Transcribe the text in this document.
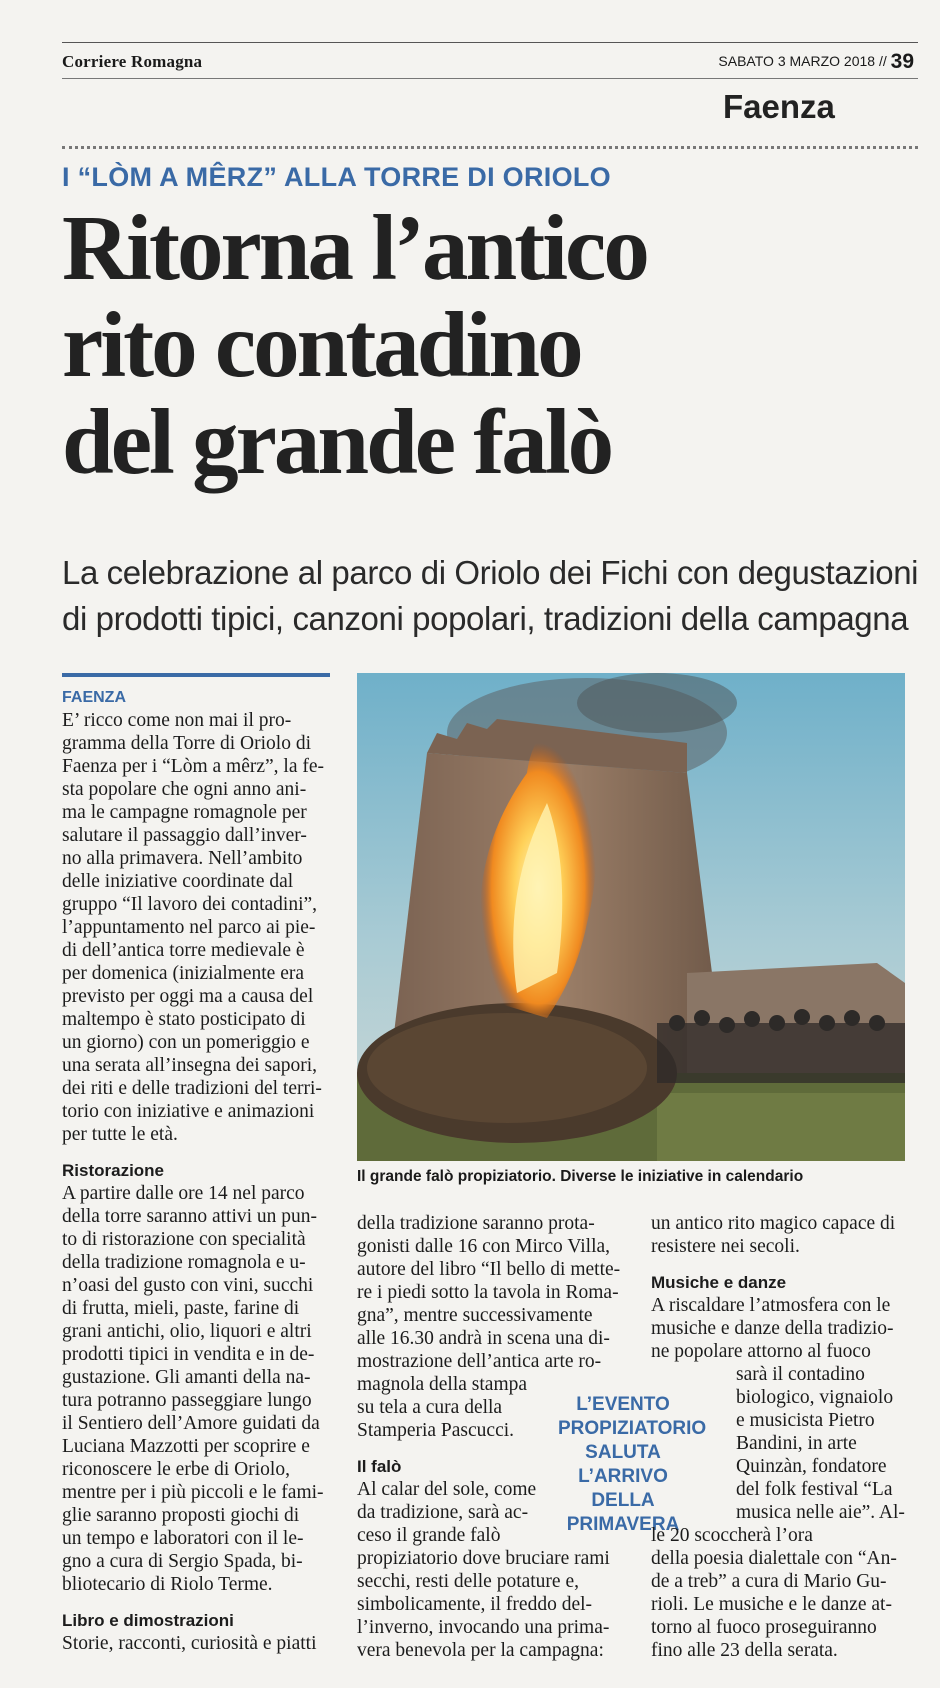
Corriere Romagna	SABATO 3 MARZO 2018 // 39
Faenza
I “LÒM A MÊRZ” ALLA TORRE DI ORIOLO
Ritorna l’antico
rito contadino
del grande falò
La celebrazione al parco di Oriolo dei Fichi con degustazioni
di prodotti tipici, canzoni popolari, tradizioni della campagna
FAENZA
E’ ricco come non mai il pro-
gramma della Torre di Oriolo di
Faenza per i “Lòm a mêrz”, la fe-
sta popolare che ogni anno ani-
ma le campagne romagnole per
salutare il passaggio dall’inver-
no alla primavera. Nell’ambito
delle iniziative coordinate dal
gruppo “Il lavoro dei contadini”,
l’appuntamento nel parco ai pie-
di dell’antica torre medievale è
per domenica (inizialmente era
previsto per oggi ma a causa del
maltempo è stato posticipato di
un giorno) con un pomeriggio e
una serata all’insegna dei sapori,
dei riti e delle tradizioni del terri-
torio con iniziative e animazioni
per tutte le età.
Ristorazione
A partire dalle ore 14 nel parco
della torre saranno attivi un pun-
to di ristorazione con specialità
della tradizione romagnola e u-
n’oasi del gusto con vini, succhi
di frutta, mieli, paste, farine di
grani antichi, olio, liquori e altri
prodotti tipici in vendita e in de-
gustazione. Gli amanti della na-
tura potranno passeggiare lungo
il Sentiero dell’Amore guidati da
Luciana Mazzotti per scoprire e
riconoscere le erbe di Oriolo,
mentre per i più piccoli e le fami-
glie saranno proposti giochi di
un tempo e laboratori con il le-
gno a cura di Sergio Spada, bi-
bliotecario di Riolo Terme.
Libro e dimostrazioni
Storie, racconti, curiosità e piatti
Il grande falò propiziatorio. Diverse le iniziative in calendario
della tradizione saranno prota-
gonisti dalle 16 con Mirco Villa,
autore del libro “Il bello di mette-
re i piedi sotto la tavola in Roma-
gna”, mentre successivamente
alle 16.30 andrà in scena una di-
mostrazione dell’antica arte ro-
magnola della stampa
su tela a cura della
Stamperia Pascucci.
Il falò
Al calar del sole, come
da tradizione, sarà ac-
ceso il grande falò
propiziatorio dove bruciare rami
secchi, resti delle potature e,
simbolicamente, il freddo del-
l’inverno, invocando una prima-
vera benevola per la campagna:
L’EVENTO PROPIZIATORIO SALUTA L’ARRIVO DELLA PRIMAVERA
un antico rito magico capace di
resistere nei secoli.
Musiche e danze
A riscaldare l’atmosfera con le
musiche e danze della tradizio-
ne popolare attorno al fuoco
sarà il contadino
biologico, vignaiolo
e musicista Pietro
Bandini, in arte
Quinzàn, fondatore
del folk festival “La
musica nelle aie”. Al-
le 20 scoccherà l’ora
della poesia dialettale con “An-
de a treb” a cura di Mario Gu-
rioli. Le musiche e le danze at-
torno al fuoco proseguiranno
fino alle 23 della serata.
